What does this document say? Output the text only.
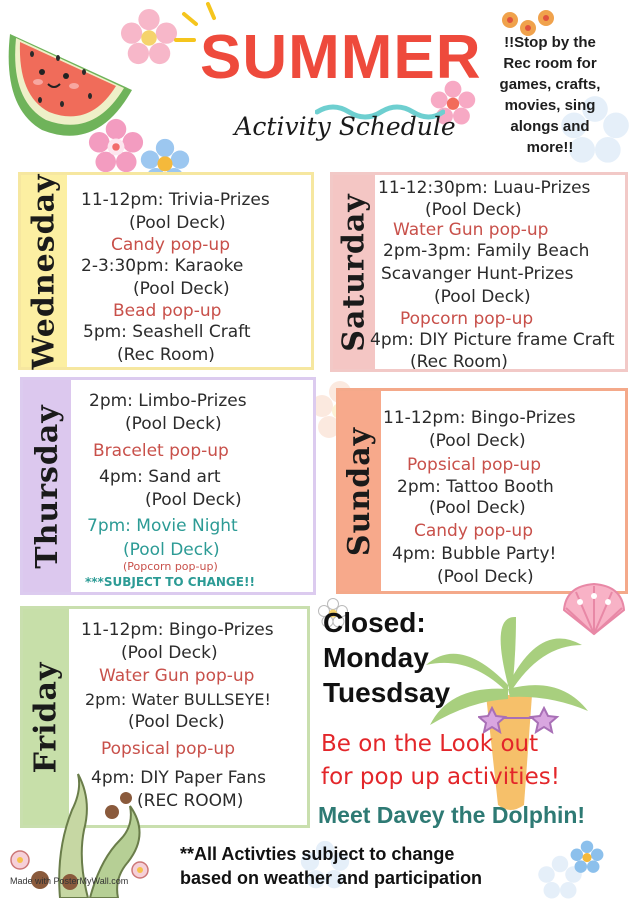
SUMMER
Activity Schedule
!!Stop by the
Rec room for
games, crafts,
movies, sing
alongs and
more!!
Wednesday 11-12pm: Trivia-Prizes
(Pool Deck)
Candy pop-up
2-3:30pm: Karaoke
(Pool Deck)
Bead pop-up
5pm: Seashell Craft
(Rec Room)
Saturday
11-12:30pm: Luau-Prizes
(Pool Deck)
Water Gun pop-up
2pm-3pm: Family Beach
Scavanger Hunt-Prizes
(Pool Deck)
Popcorn pop-up
4pm: DIY Picture frame Craft
(Rec Room)
Thursday
2pm: Limbo-Prizes
(Pool Deck)
Bracelet pop-up
4pm: Sand art
(Pool Deck)
7pm: Movie Night
(Pool Deck)
(Popcorn pop-up)
***SUBJECT TO CHANGE!!
Sunday
11-12pm: Bingo-Prizes
(Pool Deck)
Popsical pop-up
2pm: Tattoo Booth
(Pool Deck)
Candy pop-up
4pm: Bubble Party!
(Pool Deck)
Friday
11-12pm: Bingo-Prizes
(Pool Deck)
Water Gun pop-up
2pm: Water BULLSEYE!
(Pool Deck)
Popsical pop-up
4pm: DIY Paper Fans
(REC ROOM)
Closed:
Monday
Tuesdsay
Be on the Look out
for pop up activities!
Meet Davey the Dolphin!
**All Activties subject to change
based on weather and participation
Made with PosterMyWall.com
